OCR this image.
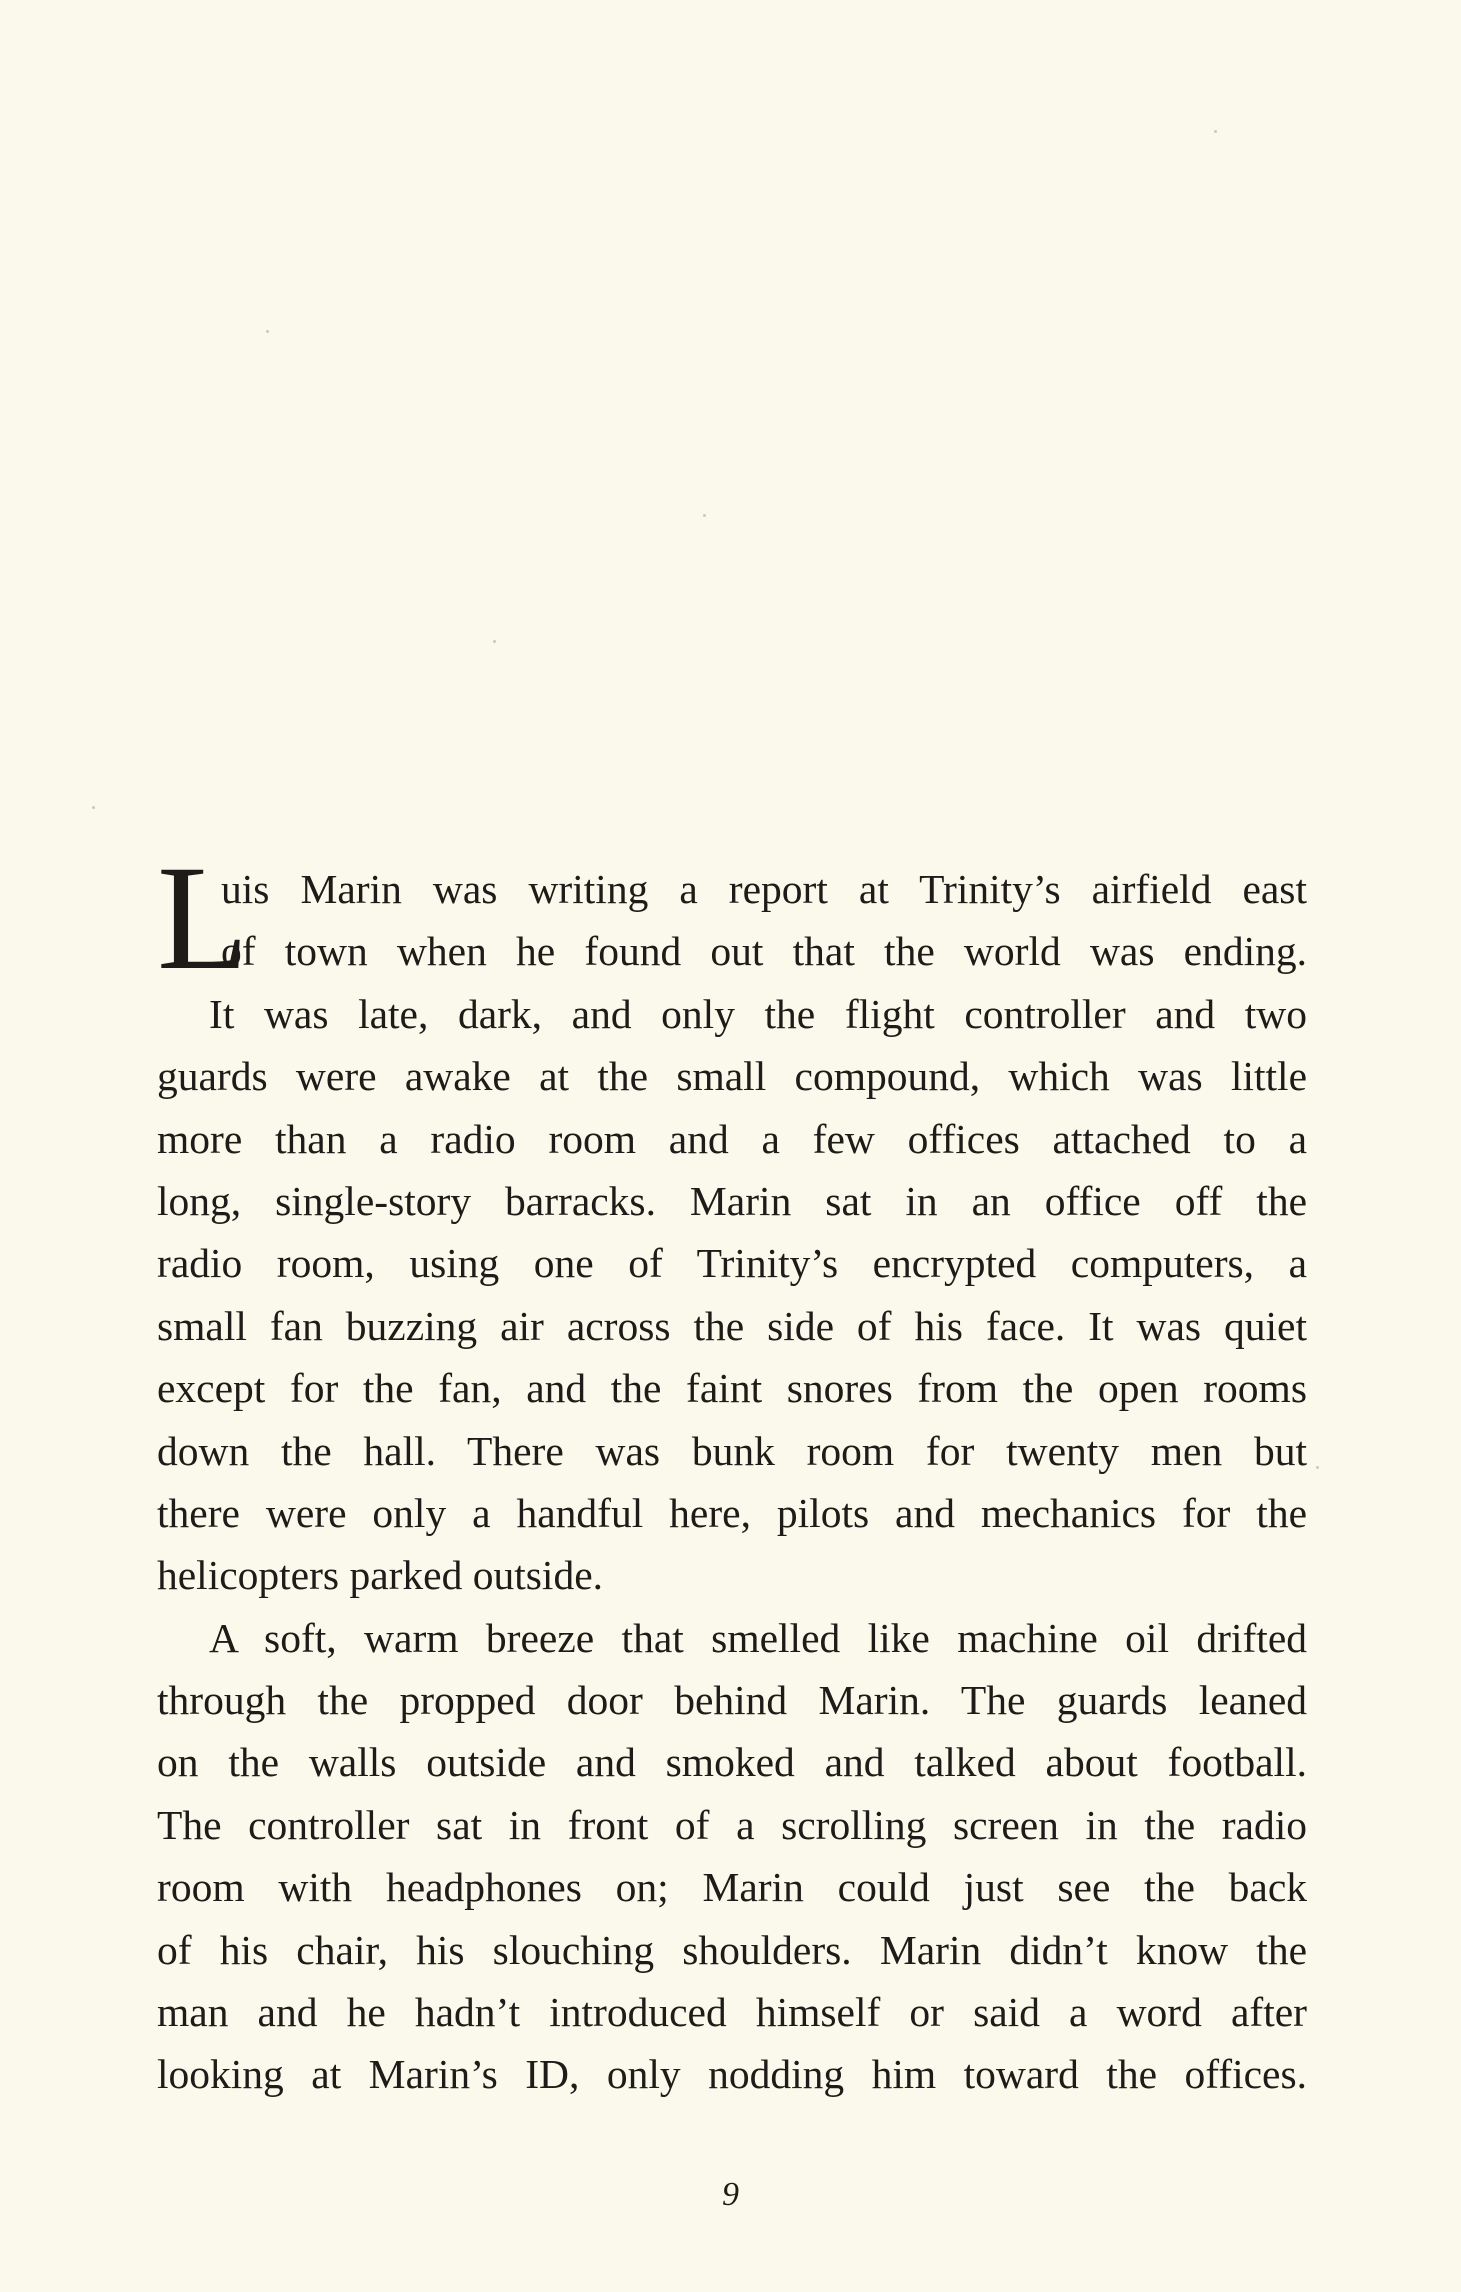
L
uis Marin was writing a report at Trinity’s airfield east
of town when he found out that the world was ending.
It was late, dark, and only the flight controller and two
guards were awake at the small compound, which was little
more than a radio room and a few offices attached to a
long, single-story barracks. Marin sat in an office off the
radio room, using one of Trinity’s encrypted computers, a
small fan buzzing air across the side of his face. It was quiet
except for the fan, and the faint snores from the open rooms
down the hall. There was bunk room for twenty men but
there were only a handful here, pilots and mechanics for the
helicopters parked outside.
A soft, warm breeze that smelled like machine oil drifted
through the propped door behind Marin. The guards leaned
on the walls outside and smoked and talked about football.
The controller sat in front of a scrolling screen in the radio
room with headphones on; Marin could just see the back
of his chair, his slouching shoulders. Marin didn’t know the
man and he hadn’t introduced himself or said a word after
looking at Marin’s ID, only nodding him toward the offices.
9
